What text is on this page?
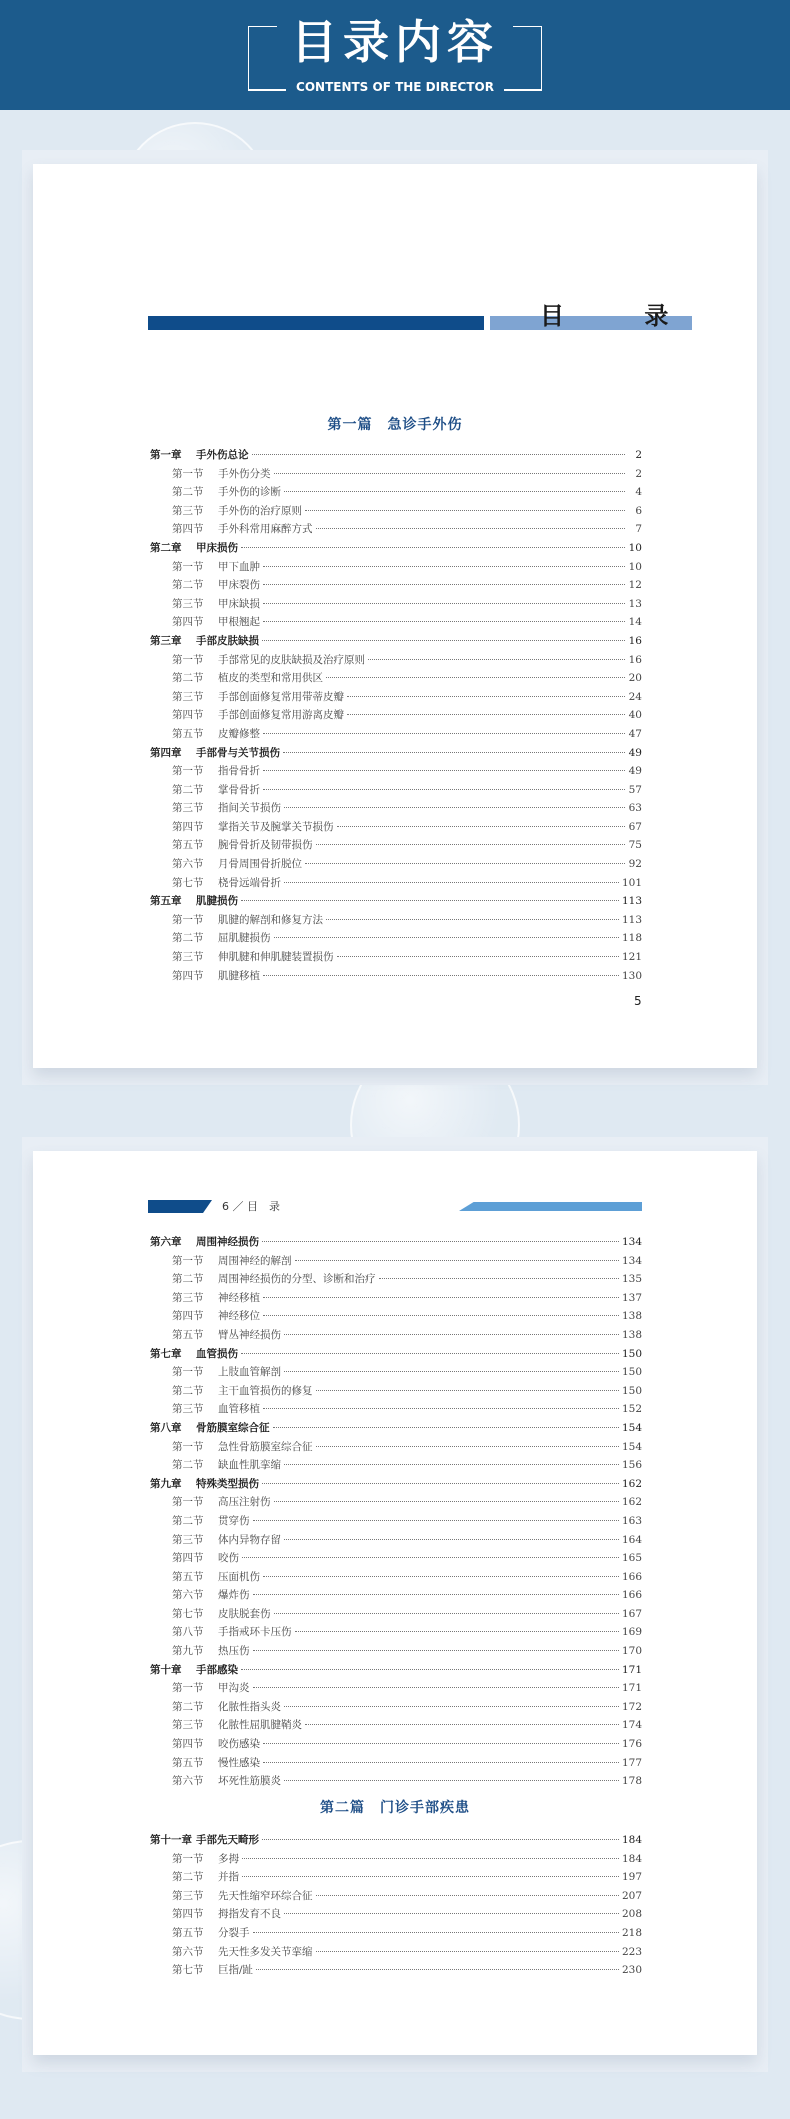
目录内容
CONTENTS OF THE DIRECTOR
目 录
第一篇　急诊手外伤
第一章	手外伤总论	2
第一节	手外伤分类	2
第二节	手外伤的诊断	4
第三节	手外伤的治疗原则	6
第四节	手外科常用麻醉方式	7
第二章	甲床损伤	10
第一节	甲下血肿	10
第二节	甲床裂伤	12
第三节	甲床缺损	13
第四节	甲根翘起	14
第三章	手部皮肤缺损	16
第一节	手部常见的皮肤缺损及治疗原则	16
第二节	植皮的类型和常用供区	20
第三节	手部创面修复常用带蒂皮瓣	24
第四节	手部创面修复常用游离皮瓣	40
第五节	皮瓣修整	47
第四章	手部骨与关节损伤	49
第一节	指骨骨折	49
第二节	掌骨骨折	57
第三节	指间关节损伤	63
第四节	掌指关节及腕掌关节损伤	67
第五节	腕骨骨折及韧带损伤	75
第六节	月骨周围骨折脱位	92
第七节	桡骨远端骨折	101
第五章	肌腱损伤	113
第一节	肌腱的解剖和修复方法	113
第二节	屈肌腱损伤	118
第三节	伸肌腱和伸肌腱装置损伤	121
第四节	肌腱移植	130
5
6 ／ 目　录
第六章	周围神经损伤	134
第一节	周围神经的解剖	134
第二节	周围神经损伤的分型、诊断和治疗	135
第三节	神经移植	137
第四节	神经移位	138
第五节	臂丛神经损伤	138
第七章	血管损伤	150
第一节	上肢血管解剖	150
第二节	主干血管损伤的修复	150
第三节	血管移植	152
第八章	骨筋膜室综合征	154
第一节	急性骨筋膜室综合征	154
第二节	缺血性肌挛缩	156
第九章	特殊类型损伤	162
第一节	高压注射伤	162
第二节	贯穿伤	163
第三节	体内异物存留	164
第四节	咬伤	165
第五节	压面机伤	166
第六节	爆炸伤	166
第七节	皮肤脱套伤	167
第八节	手指戒环卡压伤	169
第九节	热压伤	170
第十章	手部感染	171
第一节	甲沟炎	171
第二节	化脓性指头炎	172
第三节	化脓性屈肌腱鞘炎	174
第四节	咬伤感染	176
第五节	慢性感染	177
第六节	坏死性筋膜炎	178
第二篇　门诊手部疾患
第十一章 手部先天畸形	184
第一节	多拇	184
第二节	并指	197
第三节	先天性缩窄环综合征	207
第四节	拇指发育不良	208
第五节	分裂手	218
第六节	先天性多发关节挛缩	223
第七节	巨指/趾	230
